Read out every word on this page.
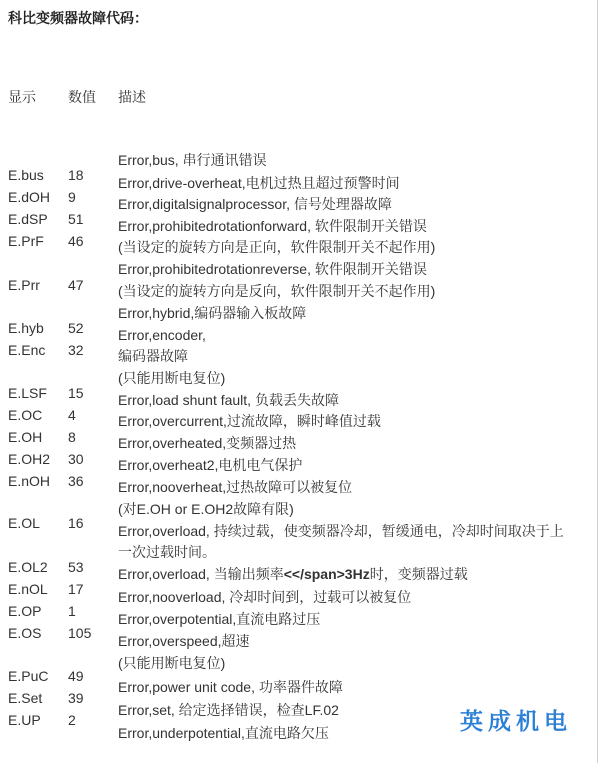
科比变频器故障代码：
显示 数值 描述
E.bus 18
E.dOH 9
E.dSP 51
E.PrF 46
E.Prr 47
E.hyb 52
E.Enc 32
E.LSF 15
E.OC 4
E.OH 8
E.OH2 30
E.nOH 36
E.OL 16
E.OL2 53
E.nOL 17
E.OP 1
E.OS 105
E.PuC 49
E.Set 39
E.UP 2
Error,bus, 串行通讯错误
Error,drive-overheat,电机过热且超过预警时间
Error,digitalsignalprocessor, 信号处理器故障
Error,prohibitedrotationforward, 软件限制开关错误
(当设定的旋转方向是正向，软件限制开关不起作用)
Error,prohibitedrotationreverse, 软件限制开关错误
(当设定的旋转方向是反向，软件限制开关不起作用)
Error,hybrid,编码器输入板故障
Error,encoder,
编码器故障
(只能用断电复位)
Error,load shunt fault, 负载丢失故障
Error,overcurrent,过流故障，瞬时峰值过载
Error,overheated,变频器过热
Error,overheat2,电机电气保护
Error,nooverheat,过热故障可以被复位
(对E.OH or E.OH2故障有限)
Error,overload, 持续过载，使变频器冷却，暂缓通电，冷却时间取决于上
一次过载时间。
Error,overload, 当输出频率<</span>3Hz时，变频器过载
Error,nooverload, 冷却时间到，过载可以被复位
Error,overpotential,直流电路过压
Error,overspeed,超速
(只能用断电复位)
Error,power unit code, 功率器件故障
Error,set, 给定选择错误，检查LF.02
Error,underpotential,直流电路欠压	英成机电
